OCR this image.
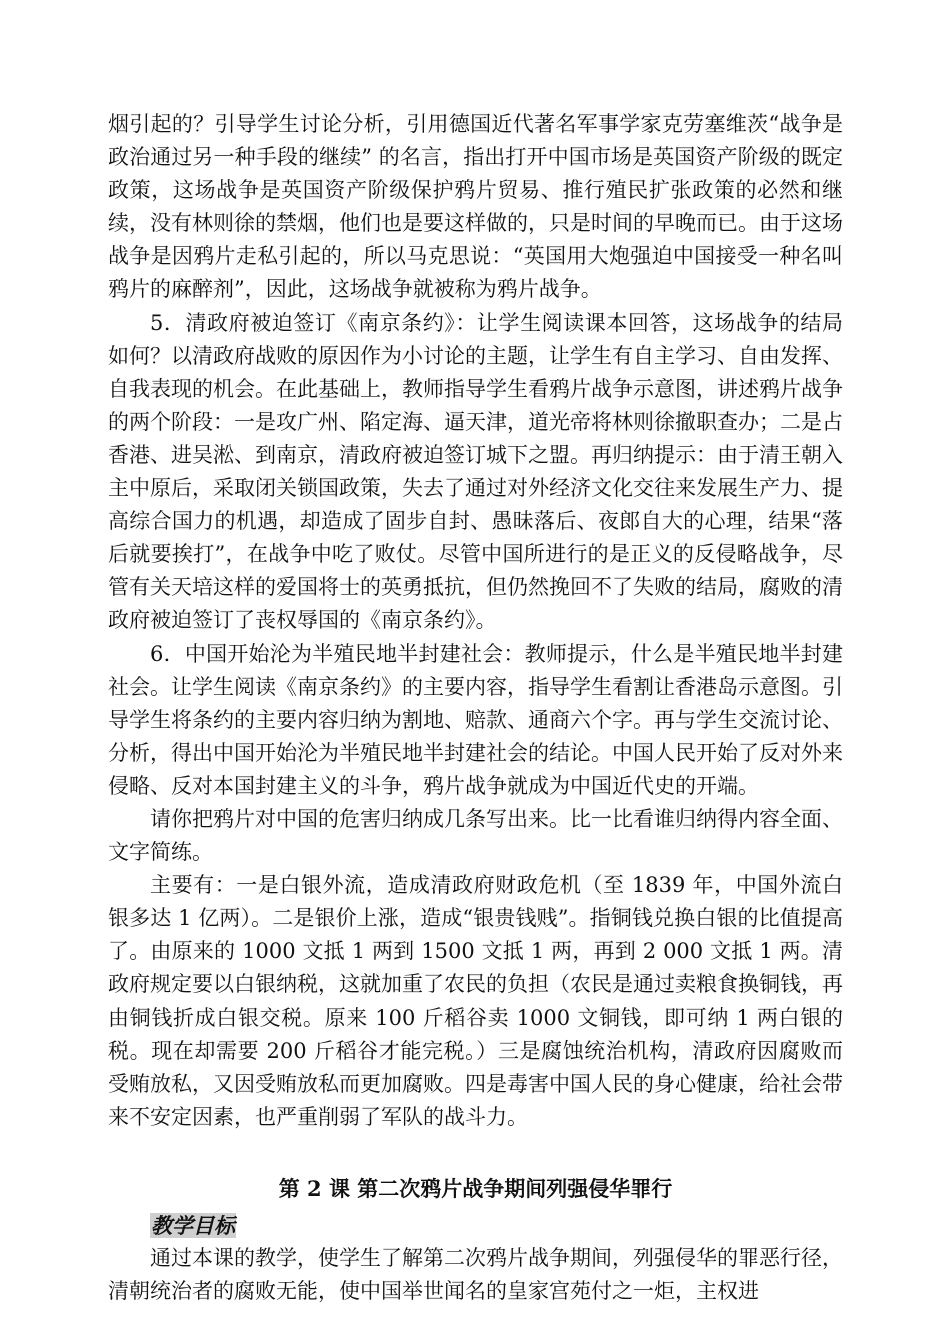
烟引起的？引导学生讨论分析，引用德国近代著名军事学家克劳塞维茨“战争是政治通过另一种手段的继续” 的名言，指出打开中国市场是英国资产阶级的既定政策，这场战争是英国资产阶级保护鸦片贸易、推行殖民扩张政策的必然和继续，没有林则徐的禁烟，他们也是要这样做的，只是时间的早晚而已。由于这场战争是因鸦片走私引起的，所以马克思说：“英国用大炮强迫中国接受一种名叫鸦片的麻醉剂”，因此，这场战争就被称为鸦片战争。

5．清政府被迫签订《南京条约》：让学生阅读课本回答，这场战争的结局如何？以清政府战败的原因作为小讨论的主题，让学生有自主学习、自由发挥、自我表现的机会。在此基础上，教师指导学生看鸦片战争示意图，讲述鸦片战争的两个阶段：一是攻广州、陷定海、逼天津，道光帝将林则徐撤职查办；二是占香港、进吴淞、到南京，清政府被迫签订城下之盟。再归纳提示：由于清王朝入主中原后，采取闭关锁国政策，失去了通过对外经济文化交往来发展生产力、提高综合国力的机遇，却造成了固步自封、愚昧落后、夜郎自大的心理，结果“落后就要挨打”，在战争中吃了败仗。尽管中国所进行的是正义的反侵略战争，尽管有关天培这样的爱国将士的英勇抵抗，但仍然挽回不了失败的结局，腐败的清政府被迫签订了丧权辱国的《南京条约》。

6．中国开始沦为半殖民地半封建社会：教师提示，什么是半殖民地半封建社会。让学生阅读《南京条约》的主要内容，指导学生看割让香港岛示意图。引导学生将条约的主要内容归纳为割地、赔款、通商六个字。再与学生交流讨论、分析，得出中国开始沦为半殖民地半封建社会的结论。中国人民开始了反对外来侵略、反对本国封建主义的斗争，鸦片战争就成为中国近代史的开端。

请你把鸦片对中国的危害归纳成几条写出来。比一比看谁归纳得内容全面、文字简练。

主要有：一是白银外流，造成清政府财政危机（至 1839 年，中国外流白银多达 1 亿两）。二是银价上涨，造成“银贵钱贱”。指铜钱兑换白银的比值提高了。由原来的 1000 文抵 1 两到 1500 文抵 1 两，再到 2 000 文抵 1 两。清政府规定要以白银纳税，这就加重了农民的负担（农民是通过卖粮食换铜钱，再由铜钱折成白银交税。原来 100 斤稻谷卖 1000 文铜钱，即可纳 1 两白银的税。现在却需要 200 斤稻谷才能完税。）三是腐蚀统治机构，清政府因腐败而受贿放私，又因受贿放私而更加腐败。四是毒害中国人民的身心健康，给社会带来不安定因素，也严重削弱了军队的战斗力。

第 2 课 第二次鸦片战争期间列强侵华罪行
教学目标

通过本课的教学，使学生了解第二次鸦片战争期间，列强侵华的罪恶行径，清朝统治者的腐败无能，使中国举世闻名的皇家宫苑付之一炬，主权进
